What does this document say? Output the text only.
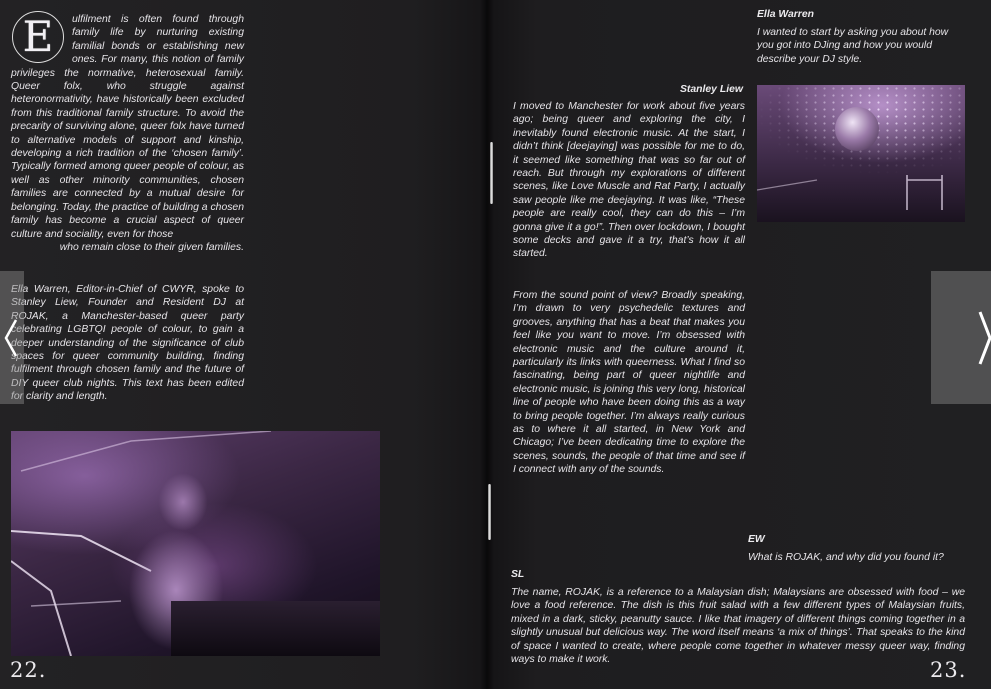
E	ulfilment is often found through family life by nurturing existing familial bonds or establishing new ones. For many, this notion of family privileges the normative, heterosexual family. Queer folx, who struggle against heteronormativity, have historically been excluded from this traditional family structure. To avoid the precarity of surviving alone, queer folx have turned to alternative models of support and kinship, developing a rich tradition of the ‘chosen family’. Typically formed among queer people of colour, as well as other minority communities, chosen families are connected by a mutual desire for belonging. Today, the practice of building a chosen family has become a crucial aspect of queer culture and sociality, even for those
who remain close to their given families.

Ella Warren, Editor-in-Chief of CWYR, spoke to Stanley Liew, Founder and Resident DJ at ROJAK, a Manchester-based queer party celebrating LGBTQI people of colour, to gain a deeper understanding of the significance of club spaces for queer community building, finding fulfilment through chosen family and the future of DIY queer club nights. This text has been edited for clarity and length.

22.

Ella Warren

I wanted to start by asking you about how you got into DJing and how you would describe your DJ style.

Stanley Liew

I moved to Manchester for work about five years ago; being queer and exploring the city, I inevitably found electronic music. At the start, I didn’t think [deejaying] was possible for me to do, it seemed like something that was so far out of reach. But through my explorations of different scenes, like Love Muscle and Rat Party, I actually saw people like me deejaying. It was like, “These people are really cool, they can do this – I’m gonna give it a go!”. Then over lockdown, I bought some decks and gave it a try, that’s how it all started.

From the sound point of view? Broadly speaking, I’m drawn to very psychedelic textures and grooves, anything that has a beat that makes you feel like you want to move. I’m obsessed with electronic music and the culture around it, particularly its links with queerness. What I find so fascinating, being part of queer nightlife and electronic music, is joining this very long, historical line of people who have been doing this as a way to bring people together. I’m always really curious as to where it all started, in New York and Chicago; I’ve been dedicating time to explore the scenes, sounds, the people of that time and see if I connect with any of the sounds.

EW

What is ROJAK, and why did you found it?

SL

The name, ROJAK, is a reference to a Malaysian dish; Malaysians are obsessed with food – we love a food reference. The dish is this fruit salad with a few different types of Malaysian fruits, mixed in a dark, sticky, peanutty sauce. I like that imagery of different things coming together in a slightly unusual but delicious way. The word itself means ‘a mix of things’. That speaks to the kind of space I wanted to create, where people come together in whatever messy queer way, finding ways to make it work.	23.
